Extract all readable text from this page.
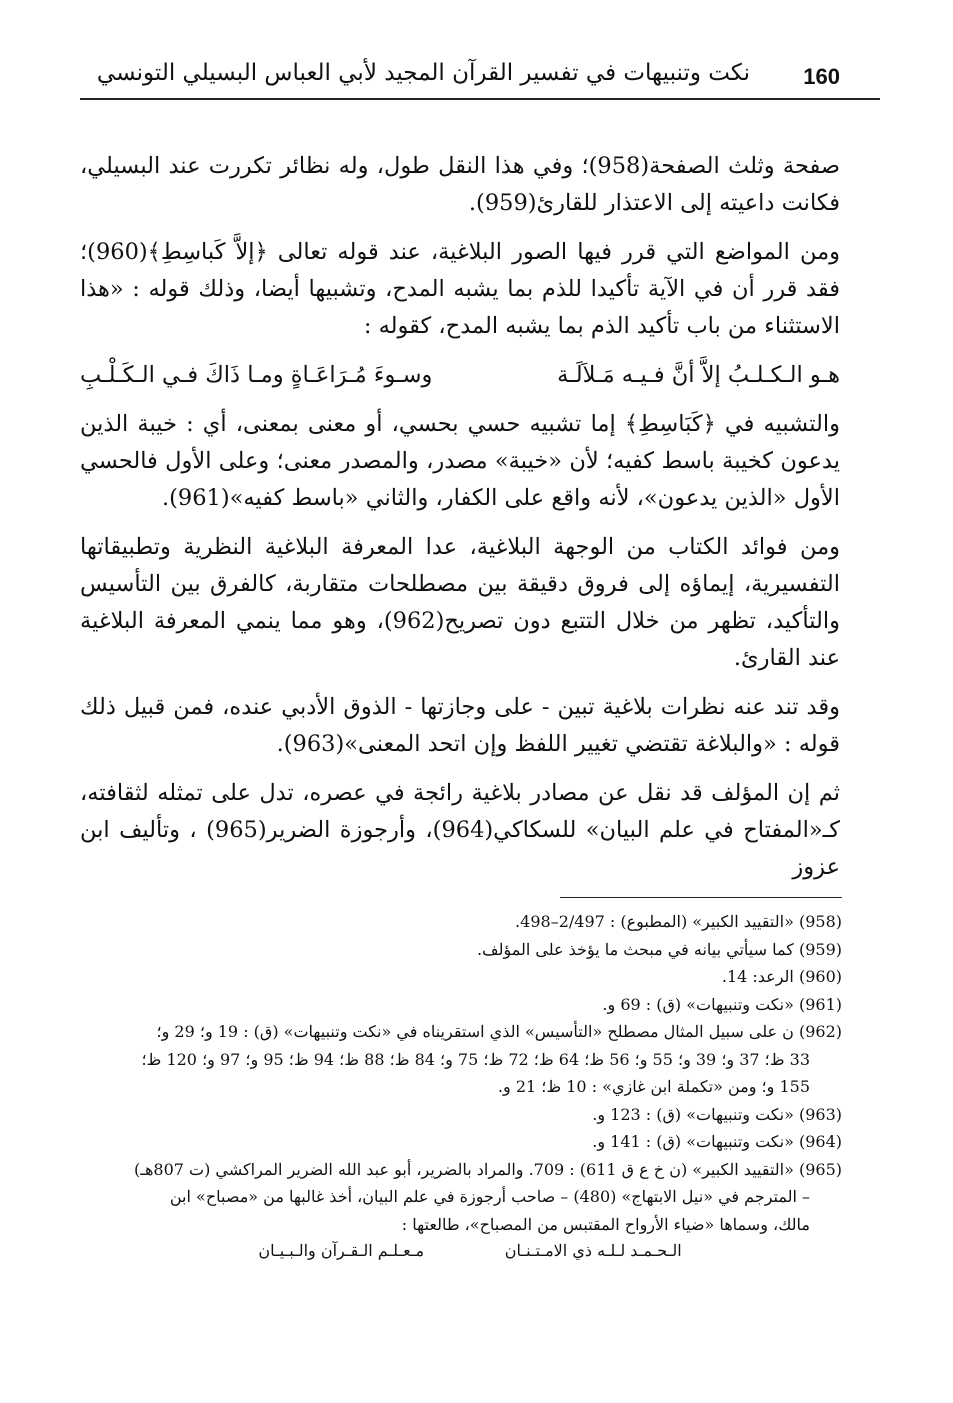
160
نكت وتنبيهات في تفسير القرآن المجيد لأبي العباس البسيلي التونسي

صفحة وثلث الصفحة(958)؛ وفي هذا النقل طول، وله نظائر تكررت عند البسيلي، فكانت داعيته إلى الاعتذار للقارئ(959).

ومن المواضع التي قرر فيها الصور البلاغية، عند قوله تعالى ﴿إلاَّ كَباسِطِ﴾(960)؛ فقد قرر أن في الآية تأكيدا للذم بما يشبه المدح، وتشبيها أيضا، وذلك قوله : «هذا الاستثناء من باب تأكيد الذم بما يشبه المدح، كقوله :

هـو الـكـلـبُ إلاَّ أنَّ فـيـه مَـلاَلَـة
وسـوءَ مُـرَاعَـاةٍ ومـا ذَاكَ فـي الـكَـلْـبِ

والتشبيه في ﴿كَبَاسِطِ﴾ إما تشبيه حسي بحسي، أو معنى بمعنى، أي : خيبة الذين يدعون كخيبة باسط كفيه؛ لأن «خيبة» مصدر، والمصدر معنى؛ وعلى الأول فالحسي الأول «الذين يدعون»، لأنه واقع على الكفار، والثاني «باسط كفيه»(961).

ومن فوائد الكتاب من الوجهة البلاغية، عدا المعرفة البلاغية النظرية وتطبيقاتها التفسيرية، إيماؤه إلى فروق دقيقة بين مصطلحات متقاربة، كالفرق بين التأسيس والتأكيد، تظهر من خلال التتبع دون تصريح(962)، وهو مما ينمي المعرفة البلاغية عند القارئ.

وقد تند عنه نظرات بلاغية تبين - على وجازتها - الذوق الأدبي عنده، فمن قبيل ذلك قوله : «والبلاغة تقتضي تغيير اللفظ وإن اتحد المعنى»(963).

ثم إن المؤلف قد نقل عن مصادر بلاغية رائجة في عصره، تدل على تمثله لثقافته، كـ«المفتاح في علم البيان» للسكاكي(964)، وأرجوزة الضرير(965) ، وتأليف ابن عزوز

(958) «التقييد الكبير» (المطبوع) : 2/497–498.

(959) كما سيأتي بيانه في مبحث ما يؤخذ على المؤلف.

(960) الرعد: 14.

(961) «نكت وتنبيهات» (ق) : 69 و.

(962) ن على سبيل المثال مصطلح «التأسيس» الذي استقريناه في «نكت وتنبيهات» (ق) : 19 و؛ 29 و؛

33 ظ؛ 37 و؛ 39 و؛ 55 و؛ 56 ظ؛ 64 ظ؛ 72 ظ؛ 75 و؛ 84 ظ؛ 88 ظ؛ 94 ظ؛ 95 و؛ 97 و؛ 120 ظ؛

155 و؛ ومن «تكملة ابن غازي» : 10 ظ؛ 21 و.

(963) «نكت وتنبيهات» (ق) : 123 و.

(964) «نكت وتنبيهات» (ق) : 141 و.

(965) «التقييد الكبير» (ن خ ع ق 611) : 709. والمراد بالضرير، أبو عبد الله الضرير المراكشي (ت 807هـ)

– المترجم في «نيل الابتهاج» (480) – صاحب أرجوزة في علم البيان، أخذ غالبها من «مصباح» ابن

مالك، وسماها «ضياء الأرواح المقتبس من المصباح»، طالعتها :

الـحـمـد لـلـه ذي الامـتـنـان
مـعـلـم الـقـرآن والـبـيـان
